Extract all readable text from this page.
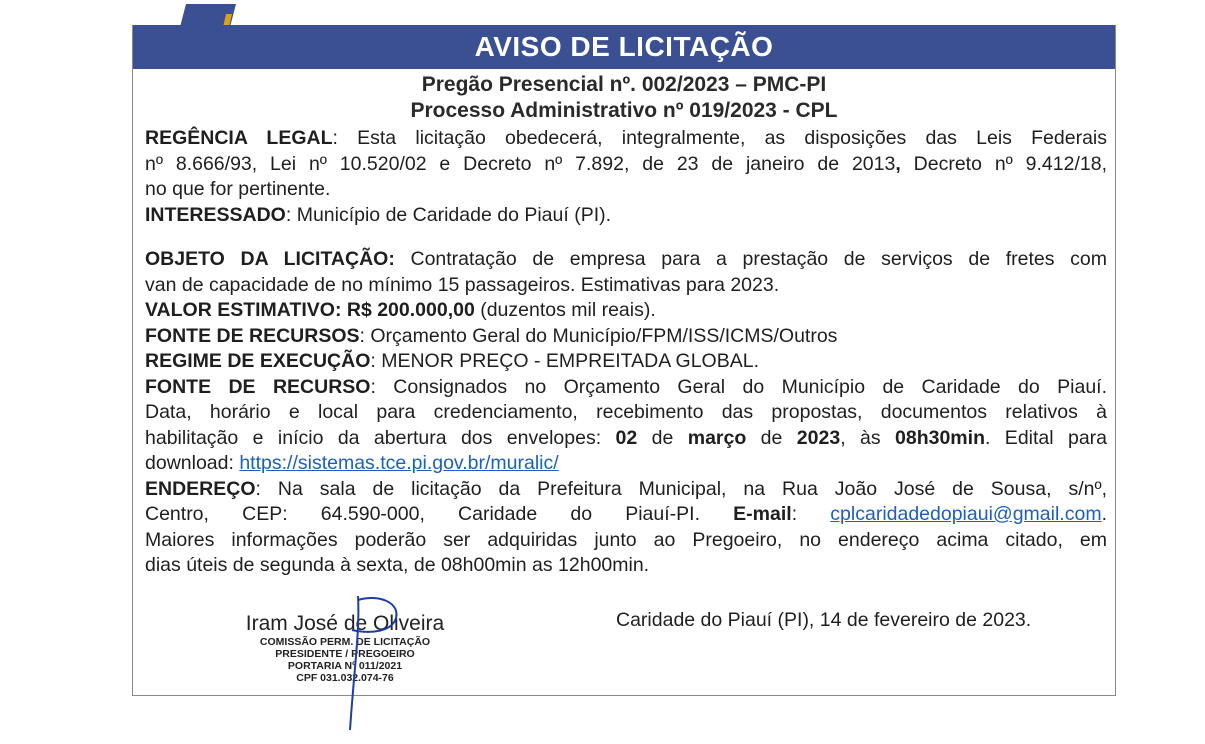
AVISO DE LICITAÇÃO
Pregão Presencial nº. 002/2023 – PMC-PI
Processo Administrativo nº 019/2023 - CPL

REGÊNCIA LEGAL: Esta licitação obedecerá, integralmente, as disposições das Leis Federais

nº 8.666/93, Lei nº 10.520/02 e Decreto nº 7.892, de 23 de janeiro de 2013, Decreto nº 9.412/18,

no que for pertinente.

INTERESSADO: Município de Caridade do Piauí (PI).

OBJETO DA LICITAÇÃO: Contratação de empresa para a prestação de serviços de fretes com

van de capacidade de no mínimo 15 passageiros. Estimativas para 2023.

VALOR ESTIMATIVO: R$ 200.000,00 (duzentos mil reais).

FONTE DE RECURSOS: Orçamento Geral do Município/FPM/ISS/ICMS/Outros

REGIME DE EXECUÇÃO: MENOR PREÇO - EMPREITADA GLOBAL.

FONTE DE RECURSO: Consignados no Orçamento Geral do Município de Caridade do Piauí.

Data, horário e local para credenciamento, recebimento das propostas, documentos relativos à

habilitação e início da abertura dos envelopes: 02 de março de 2023, às 08h30min. Edital para

download: https://sistemas.tce.pi.gov.br/muralic/

ENDEREÇO: Na sala de licitação da Prefeitura Municipal, na Rua João José de Sousa, s/nº,

Centro, CEP: 64.590-000, Caridade do Piauí-PI. E-mail: cplcaridadedopiaui@gmail.com.

Maiores informações poderão ser adquiridas junto ao Pregoeiro, no endereço acima citado, em

dias úteis de segunda à sexta, de 08h00min as 12h00min.

Caridade do Piauí (PI), 14 de fevereiro de 2023.
Iram José de Oliveira
COMISSÃO PERM. DE LICITAÇÃO
PRESIDENTE / PREGOEIRO
PORTARIA Nº 011/2021
CPF 031.032.074-76
